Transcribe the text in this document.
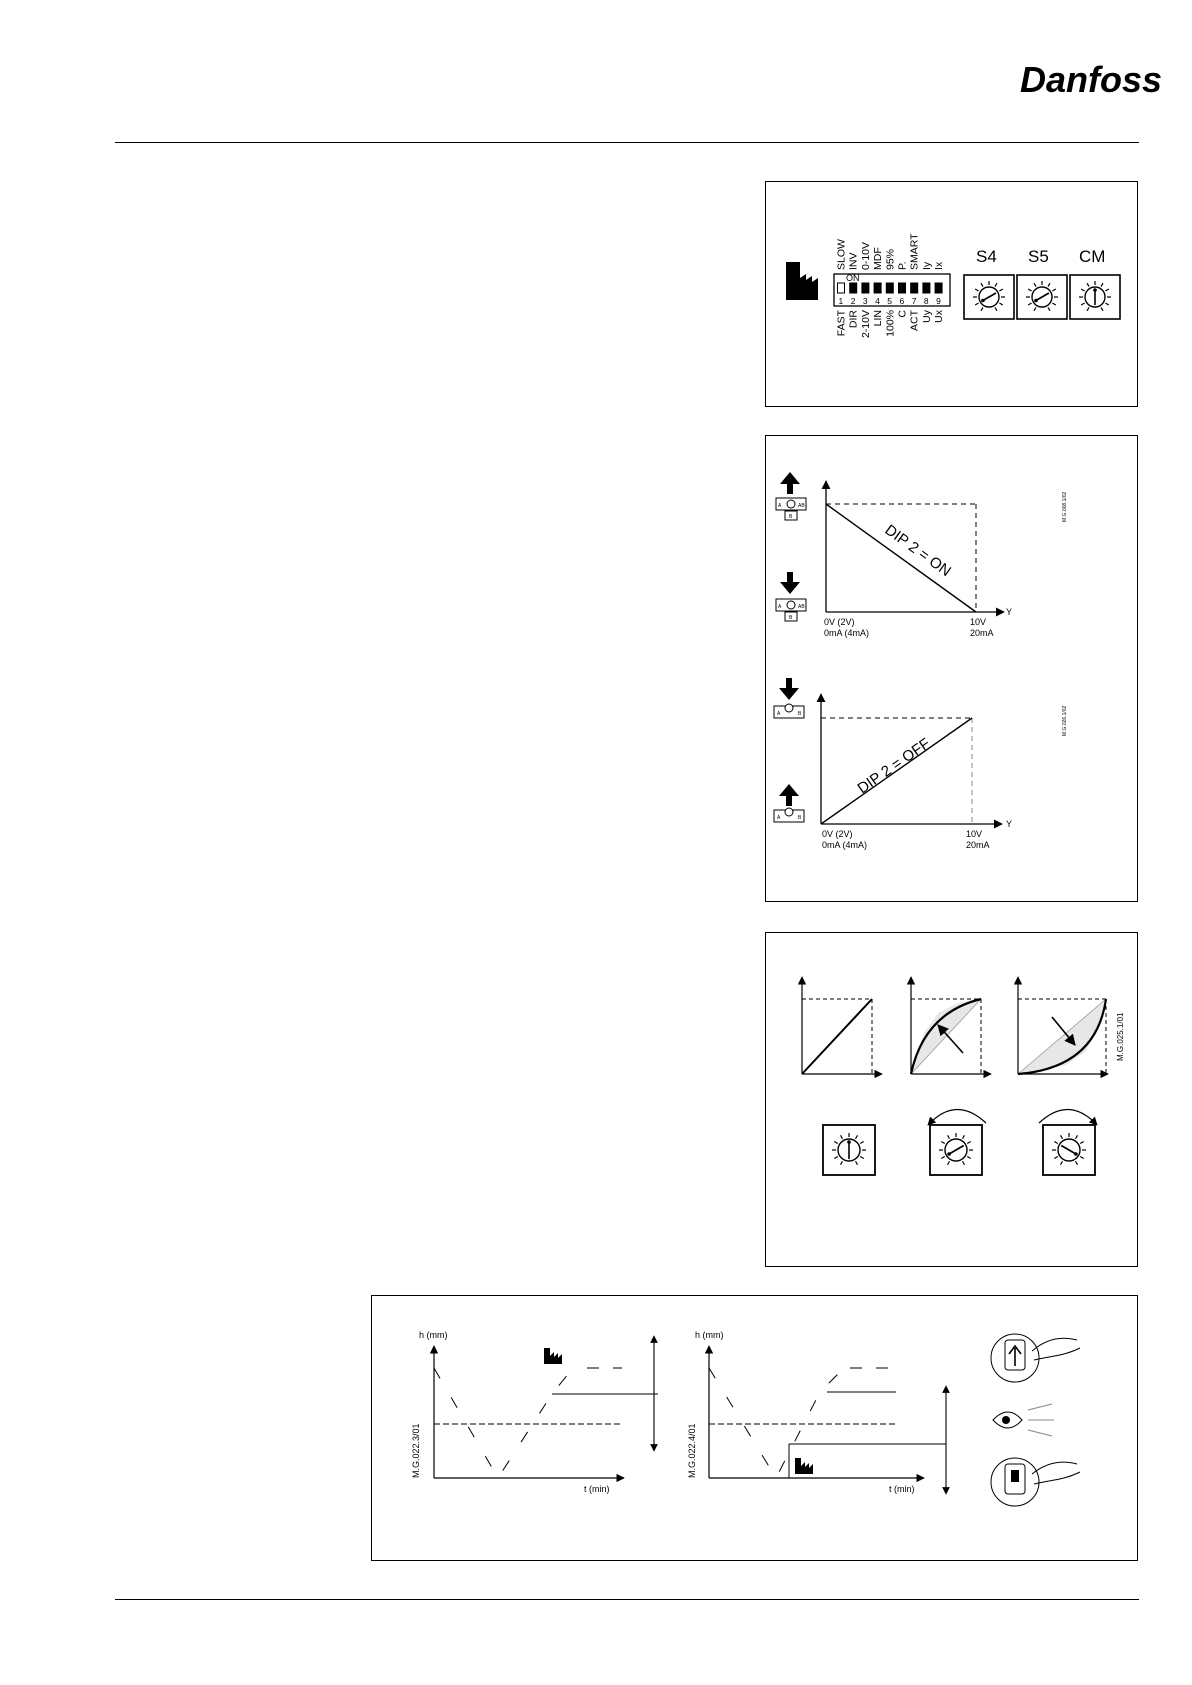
Danfoss
1 2 3 4 5 6 7 8 9
ON
S4 S5 CM
SLOW INV 0-10V MDF 95% P. SMART Iy Ix
FAST DIR 2-10V LIN 100% C ACT Uy Ux
DIP 2 = ON
Y
0V (2V)
0mA (4mA)
10V
20mA
M.G.008.1/02
A	AB
B
A	AB
B
DIP 2 = OFF
Y
0V (2V)
0mA (4mA)
10V
20mA
M.G.026.1/02
A	B
A	B
M.G.025.1/01
h (mm)
t (min)
M.G.022.3/01
h (mm)
t (min)
M.G.022.4/01
